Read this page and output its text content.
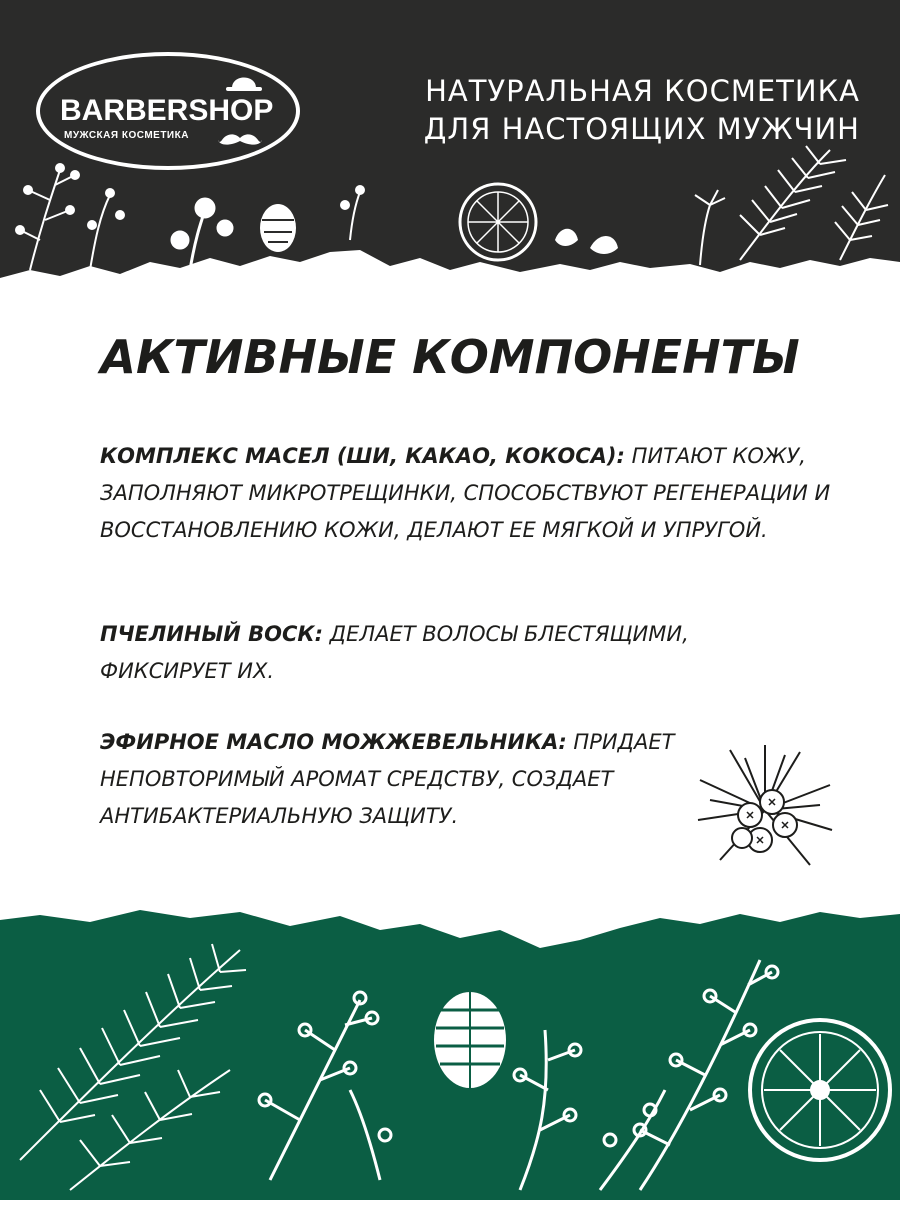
BARBERSHOP
МУЖСКАЯ КОСМЕТИКА
НАТУРАЛЬНАЯ КОСМЕТИКА
ДЛЯ НАСТОЯЩИХ МУЖЧИН
АКТИВНЫЕ КОМПОНЕНТЫ
КОМПЛЕКС МАСЕЛ (ШИ, КАКАО, КОКОСА): ПИТАЮТ КОЖУ, ЗАПОЛНЯЮТ МИКРОТРЕЩИНКИ, СПОСОБСТВУЮТ РЕГЕНЕРАЦИИ И ВОССТАНОВЛЕНИЮ КОЖИ, ДЕЛАЮТ ЕЕ МЯГКОЙ И УПРУГОЙ.
ПЧЕЛИНЫЙ ВОСК: ДЕЛАЕТ ВОЛОСЫ БЛЕСТЯЩИМИ, ФИКСИРУЕТ ИХ.
ЭФИРНОЕ МАСЛО МОЖЖЕВЕЛЬНИКА: ПРИДАЕТ НЕПОВТОРИМЫЙ АРОМАТ СРЕДСТВУ, СОЗДАЕТ АНТИБАКТЕРИАЛЬНУЮ ЗАЩИТУ.
